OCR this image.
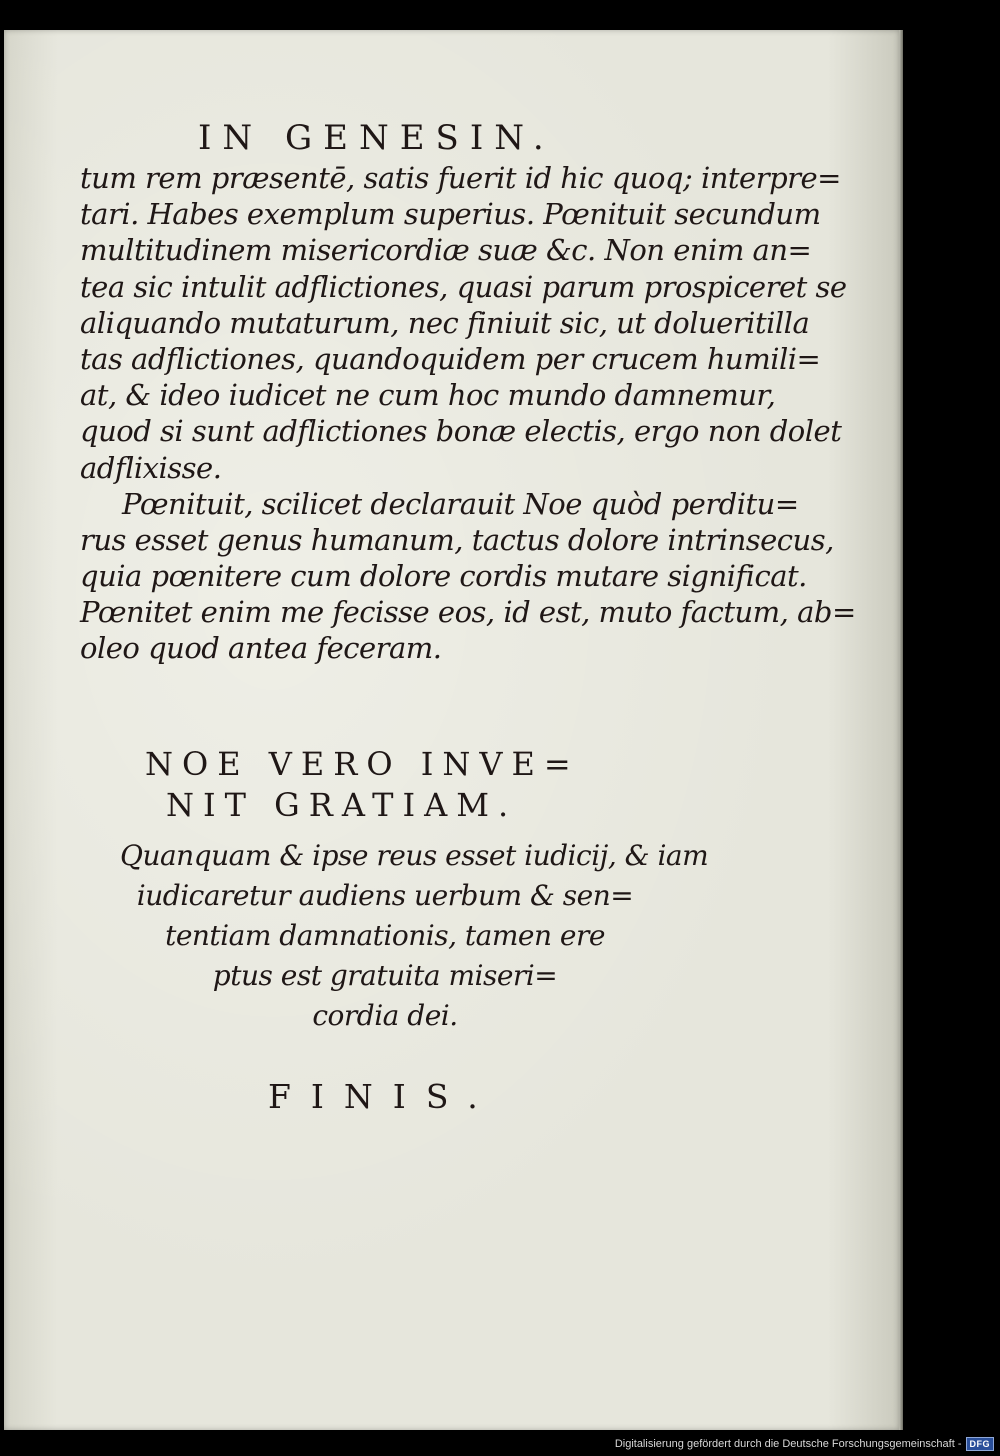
IN GENESIN.
tum rem præsentē, satis fuerit id hic quoq; interpre=
tari. Habes exemplum superius. Pœnituit secundum
multitudinem misericordiæ suæ &c. Non enim an=
tea sic intulit adflictiones, quasi parum prospiceret se
aliquando mutaturum, nec finiuit sic, ut dolueritilla
tas adflictiones, quandoquidem per crucem humili=
at, & ideo iudicet ne cum hoc mundo damnemur,
quod si sunt adflictiones bonæ electis, ergo non dolet
adflixisse.
Pœnituit, scilicet declarauit Noe quòd perditu=
rus esset genus humanum, tactus dolore intrinsecus,
quia pœnitere cum dolore cordis mutare significat.
Pœnitet enim me fecisse eos, id est, muto factum, ab=
oleo quod antea feceram.
NOE VERO INVE=
NIT GRATIAM.
Quanquam & ipse reus esset iudicij, & iam
iudicaretur audiens uerbum & sen=
tentiam damnationis, tamen ere
ptus est gratuita miseri=
cordia dei.
FINIS.
Digitalisierung gefördert durch die Deutsche Forschungsgemeinschaft - DFG
